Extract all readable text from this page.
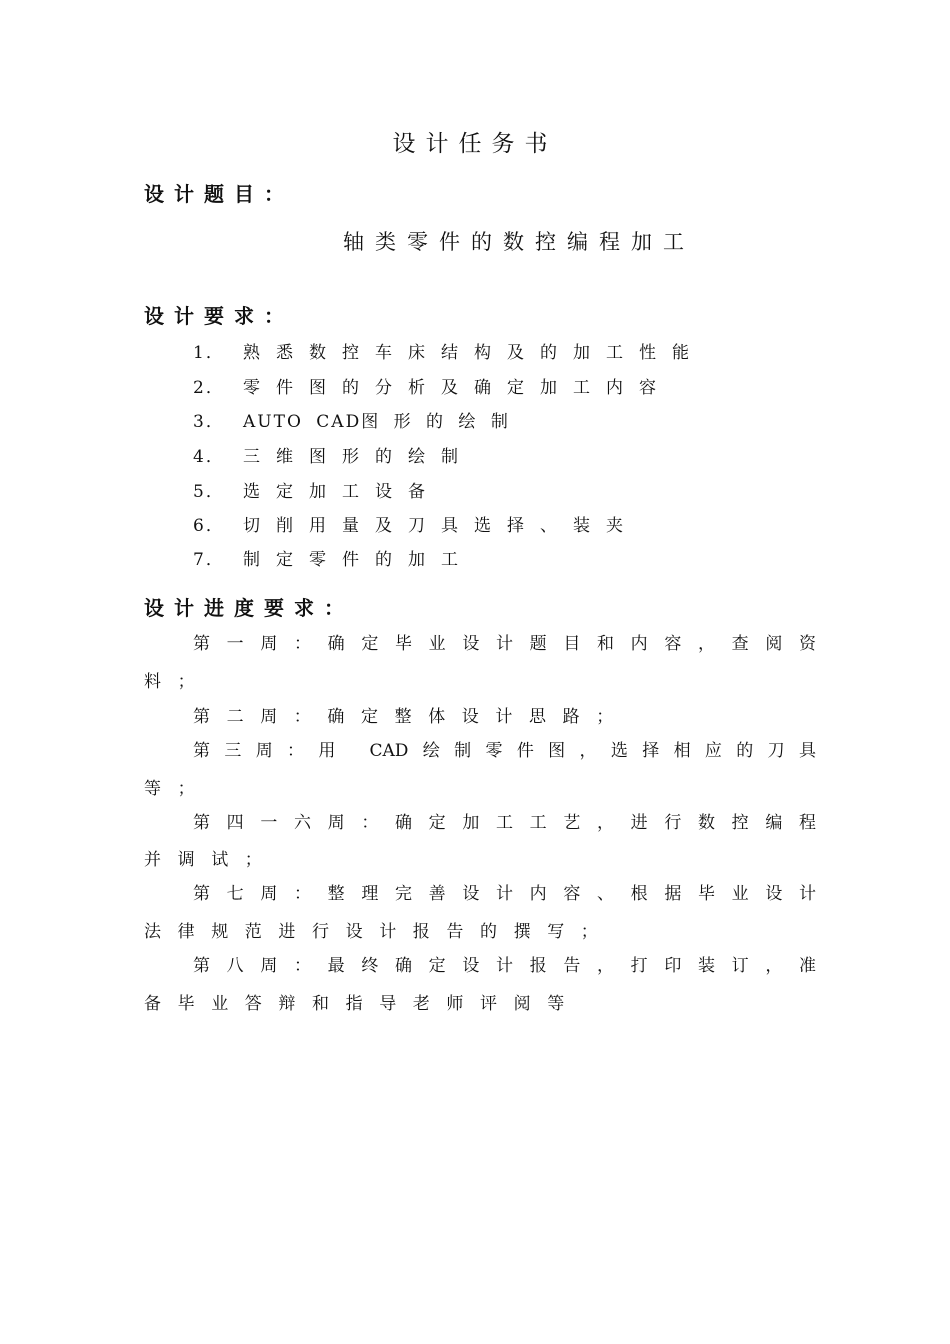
设计任务书
设计题目：
轴类零件的数控编程加工
设计要求：
1． 熟悉数控车床结构及的加工性能
2． 零件图的分析及确定加工内容
3． AUTO CAD图 形 的 绘 制
4． 三维图形的绘制
5． 选定加工设备
6． 切削用量及刀具选择、装夹
7． 制定零件的加工
设计进度要求：
第一周：确定毕业设计题目和内容，查阅资
料；
第二周：确定整体设计思路；
第三周：用 CAD绘制零件图，选择相应的刀具
等；
第四一六周：确定加工工艺，进行数控编程
并调试；
第七周：整理完善设计内容、根据毕业设计
法律规范进行设计报告的撰写；
第八周：最终确定设计报告，打印装订，准
备毕业答辩和指导老师评阅等
